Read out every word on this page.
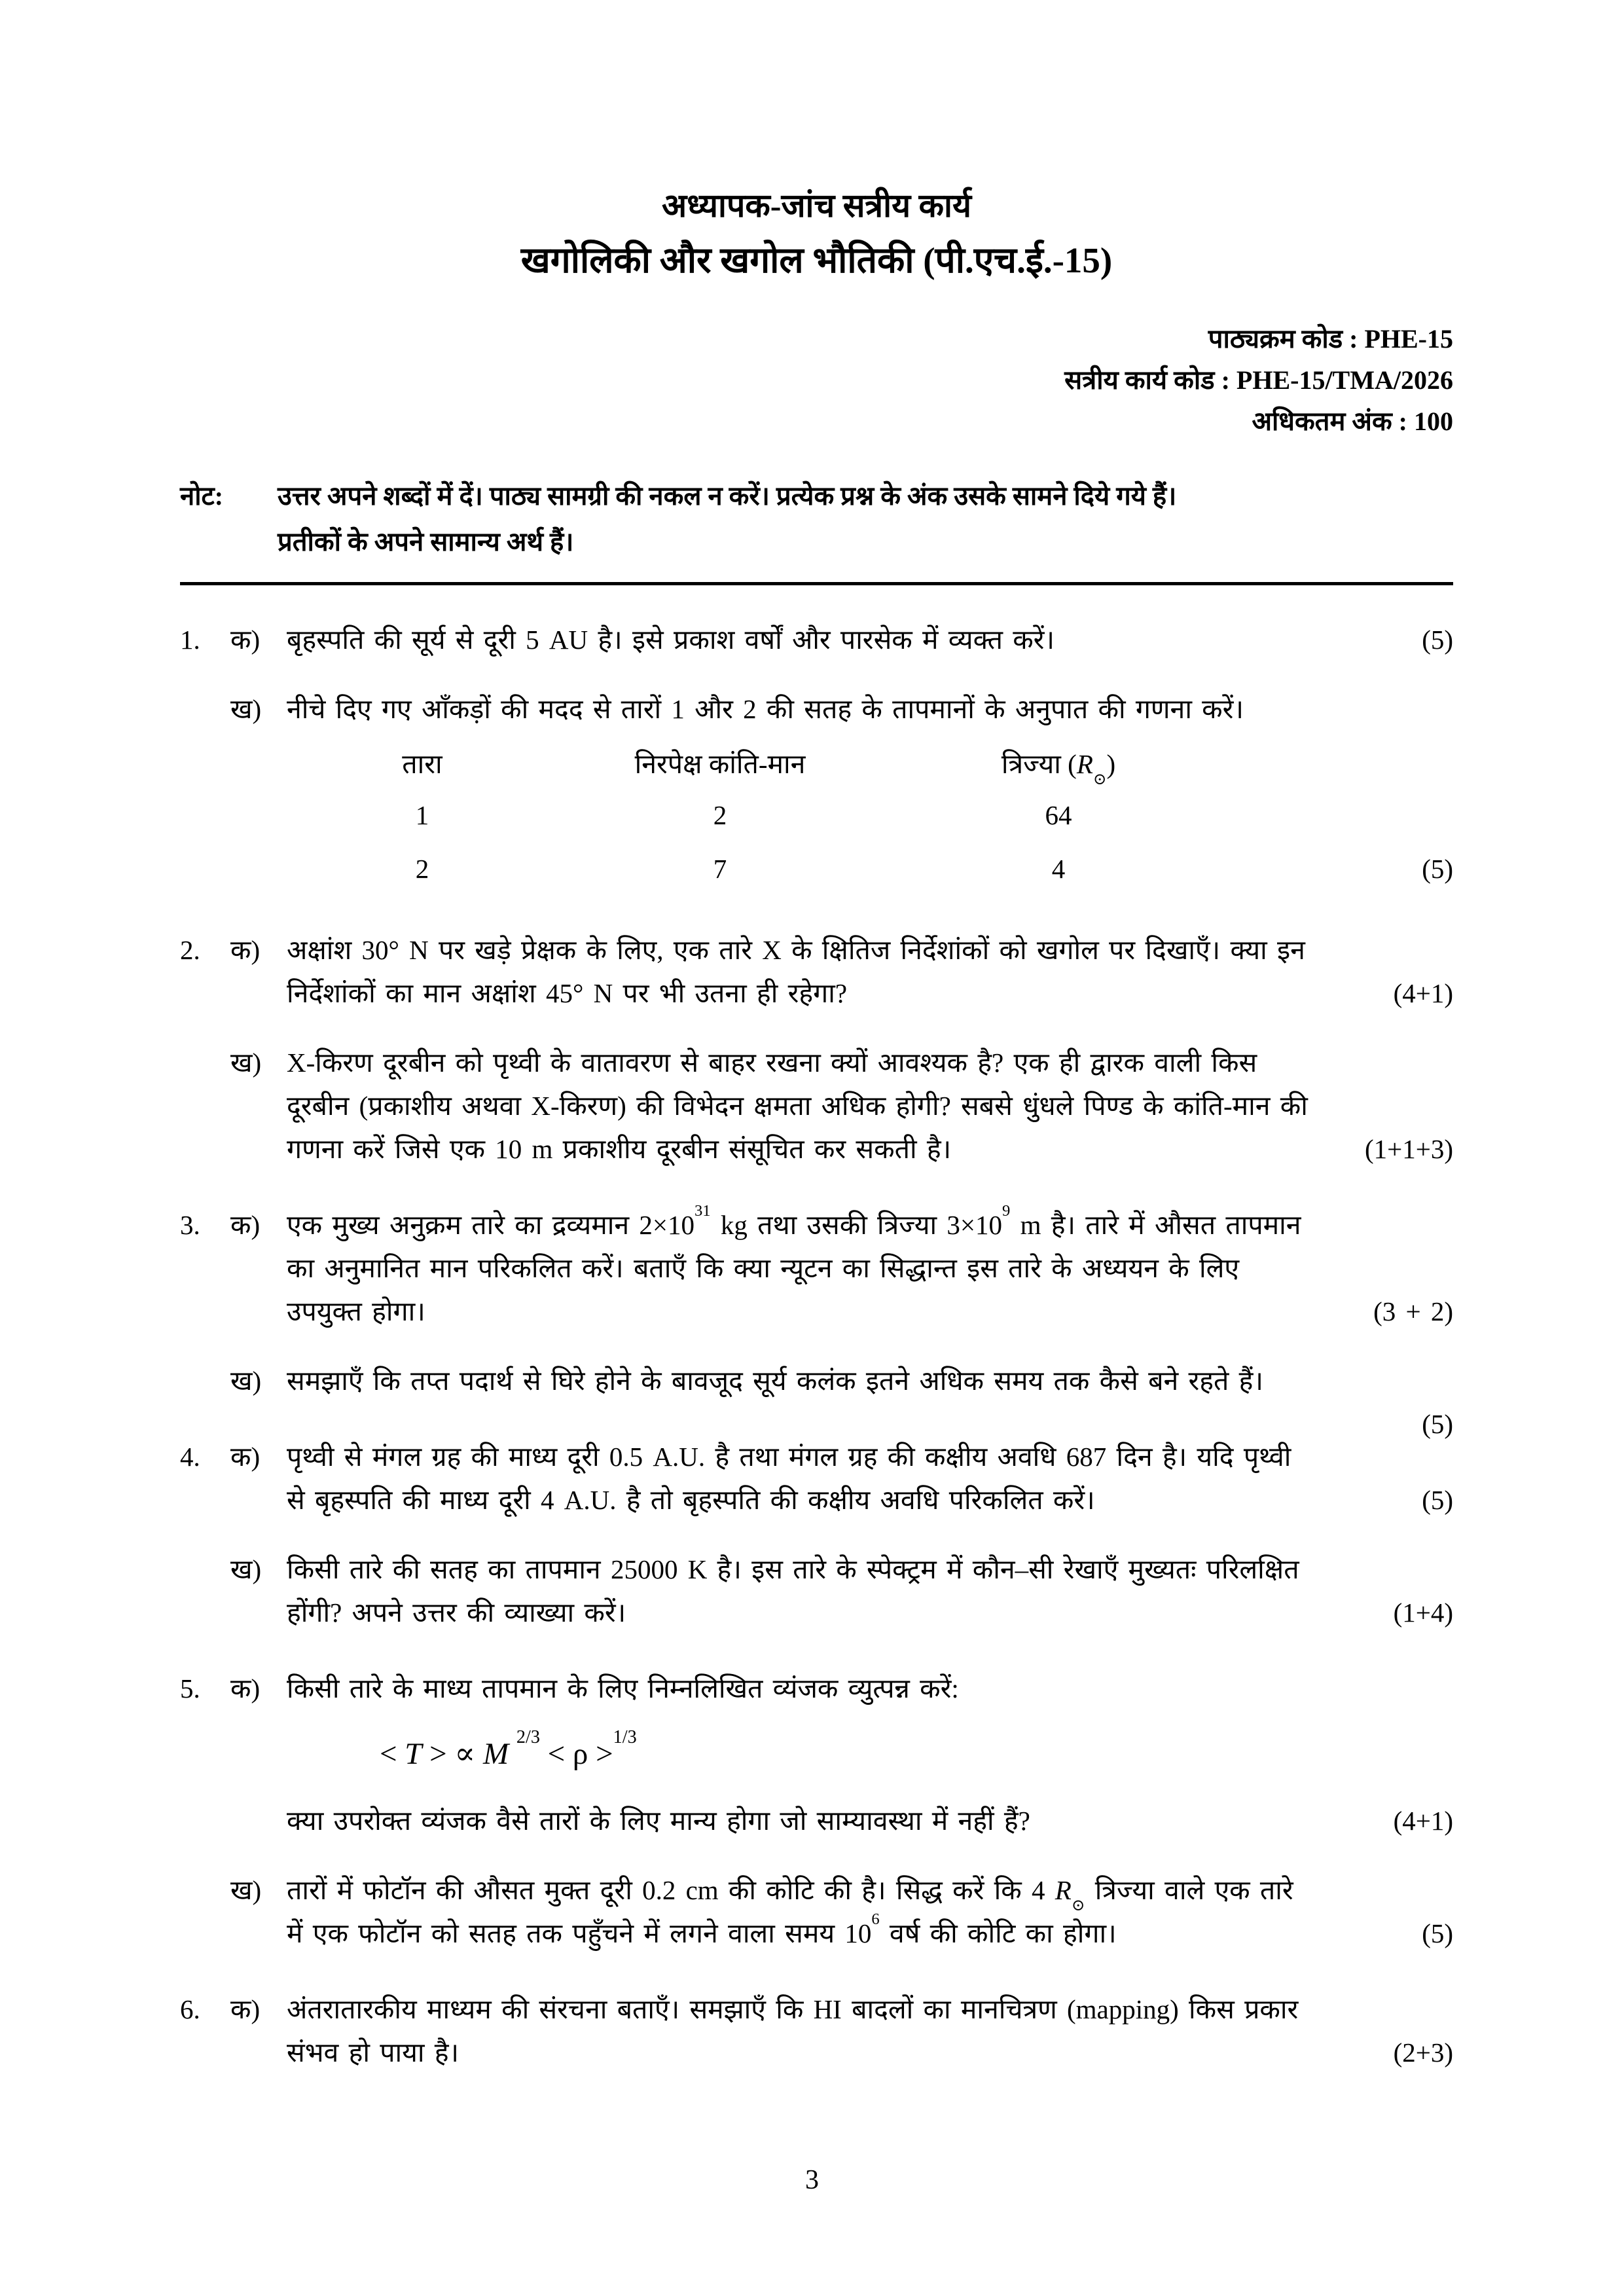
अध्यापक-जांच सत्रीय कार्य
खगोलिकी और खगोल भौतिकी (पी.एच.ई.-15)
पाठ्यक्रम कोड : PHE-15
सत्रीय कार्य कोड : PHE-15/TMA/2026
अधिकतम अंक : 100
नोट:	उत्तर अपने शब्दों में दें। पाठ्य सामग्री की नकल न करें। प्रत्येक प्रश्न के अंक उसके सामने दिये गये हैं।
प्रतीकों के अपने सामान्य अर्थ हैं।
1.	क) बृहस्पति की सूर्य से दूरी 5 AU है। इसे प्रकाश वर्षों और पारसेक में व्यक्त करें।	(5)
ख) नीचे दिए गए आँकड़ों की मदद से तारों 1 और 2 की सतह के तापमानों के अनुपात की गणना करें।
तारा	निरपेक्ष कांति-मान	त्रिज्या $(R_⊙)$
1	2	64
2	7	4	(5)
2.	क) अक्षांश 30° N पर खड़े प्रेक्षक के लिए, एक तारे X के क्षितिज निर्देशांकों को खगोल पर दिखाएँ। क्या इन
निर्देशांकों का मान अक्षांश 45° N पर भी उतना ही रहेगा?	(4+1)
ख) X-किरण दूरबीन को पृथ्वी के वातावरण से बाहर रखना क्यों आवश्यक है? एक ही द्वारक वाली किस
दूरबीन (प्रकाशीय अथवा X-किरण) की विभेदन क्षमता अधिक होगी? सबसे धुंधले पिण्ड के कांति-मान की
गणना करें जिसे एक 10 m प्रकाशीय दूरबीन संसूचित कर सकती है।	(1+1+3)
3.	क) एक मुख्य अनुक्रम तारे का द्रव्यमान $2\times 10^{31}$ kg तथा उसकी त्रिज्या $3\times 10^9$ m है। तारे में औसत तापमान
का अनुमानित मान परिकलित करें। बताएँ कि क्या न्यूटन का सिद्धान्त इस तारे के अध्ययन के लिए
उपयुक्त होगा।	(3 + 2)
ख) समझाएँ कि तप्त पदार्थ से घिरे होने के बावजूद सूर्य कलंक इतने अधिक समय तक कैसे बने रहते हैं।
(5)
4.	क) पृथ्वी से मंगल ग्रह की माध्य दूरी 0.5 A.U. है तथा मंगल ग्रह की कक्षीय अवधि 687 दिन है। यदि पृथ्वी
से बृहस्पति की माध्य दूरी 4 A.U. है तो बृहस्पति की कक्षीय अवधि परिकलित करें।	(5)
ख) किसी तारे की सतह का तापमान 25000 K है। इस तारे के स्पेक्ट्रम में कौन–सी रेखाएँ मुख्यतः परिलक्षित
होंगी? अपने उत्तर की व्याख्या करें।	(1+4)
5.	क) किसी तारे के माध्य तापमान के लिए निम्नलिखित व्यंजक व्युत्पन्न करें:
< T > ∝ M $^{2/3}$ < ρ >$^{1/3}$
क्या उपरोक्त व्यंजक वैसे तारों के लिए मान्य होगा जो साम्यावस्था में नहीं हैं?	(4+1)
ख) तारों में फोटॉन की औसत मुक्त दूरी 0.2 cm की कोटि की है। सिद्ध करें कि 4 $R_⊙$ त्रिज्या वाले एक तारे
में एक फोटॉन को सतह तक पहुँचने में लगने वाला समय $10^6$ वर्ष की कोटि का होगा।	(5)
6.	क) अंतरातारकीय माध्यम की संरचना बताएँ। समझाएँ कि HI बादलों का मानचित्रण (mapping) किस प्रकार
संभव हो पाया है।	(2+3)
3
